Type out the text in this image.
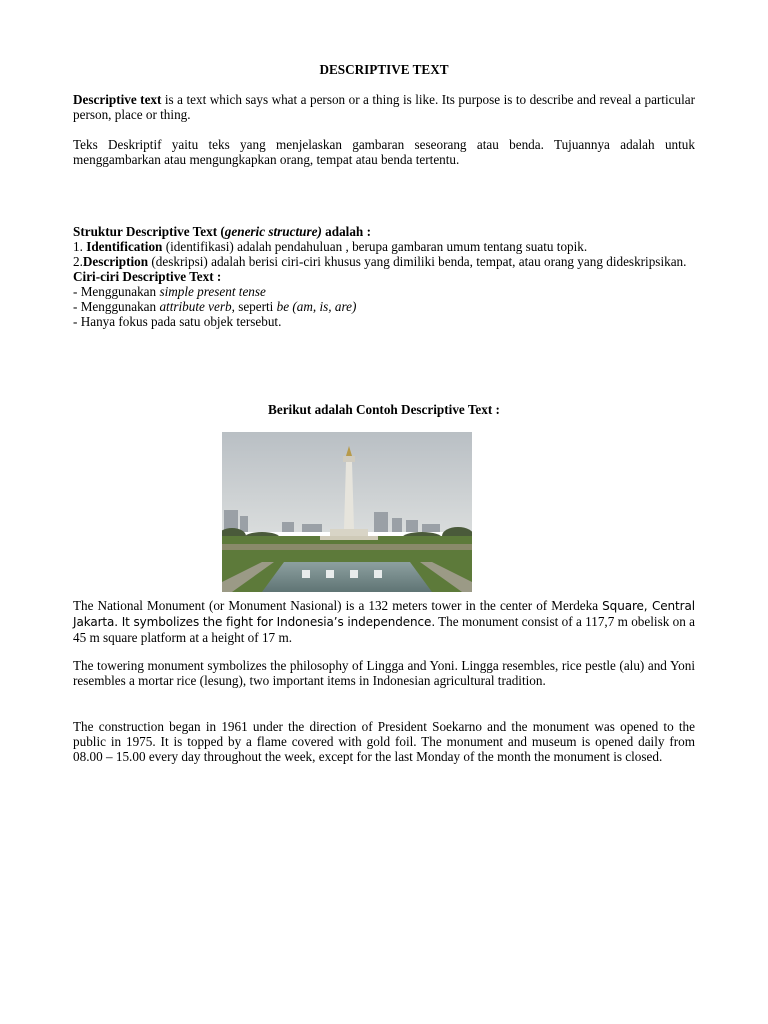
DESCRIPTIVE TEXT
Descriptive text is a text which says what a person or a thing is like. Its purpose is to describe and reveal a particular person, place or thing.
Teks Deskriptif yaitu teks yang menjelaskan gambaran seseorang atau benda. Tujuannya adalah untuk menggambarkan atau mengungkapkan orang, tempat atau benda tertentu.
Struktur Descriptive Text (generic structure) adalah :
1. Identification (identifikasi) adalah pendahuluan , berupa gambaran umum tentang suatu topik.
2.Description (deskripsi) adalah berisi ciri-ciri khusus yang dimiliki benda, tempat, atau orang yang dideskripsikan.
Ciri-ciri Descriptive Text :
- Menggunakan simple present tense
- Menggunakan attribute verb, seperti be (am, is, are)
- Hanya fokus pada satu objek tersebut.
Berikut adalah Contoh Descriptive Text :
The National Monument (or Monument Nasional) is a 132 meters tower in the center of Merdeka Square, Central Jakarta. It symbolizes the fight for Indonesia’s independence. The monument consist of a 117,7 m obelisk on a 45 m square platform at a height of 17 m.
The towering monument symbolizes the philosophy of Lingga and Yoni. Lingga resembles, rice pestle (alu) and Yoni resembles a mortar rice (lesung), two important items in Indonesian agricultural tradition.
The construction began in 1961 under the direction of President Soekarno and the monument was opened to the public in 1975. It is topped by a flame covered with gold foil. The monument and museum is opened daily from 08.00 – 15.00 every day throughout the week, except for the last Monday of the month the monument is closed.
